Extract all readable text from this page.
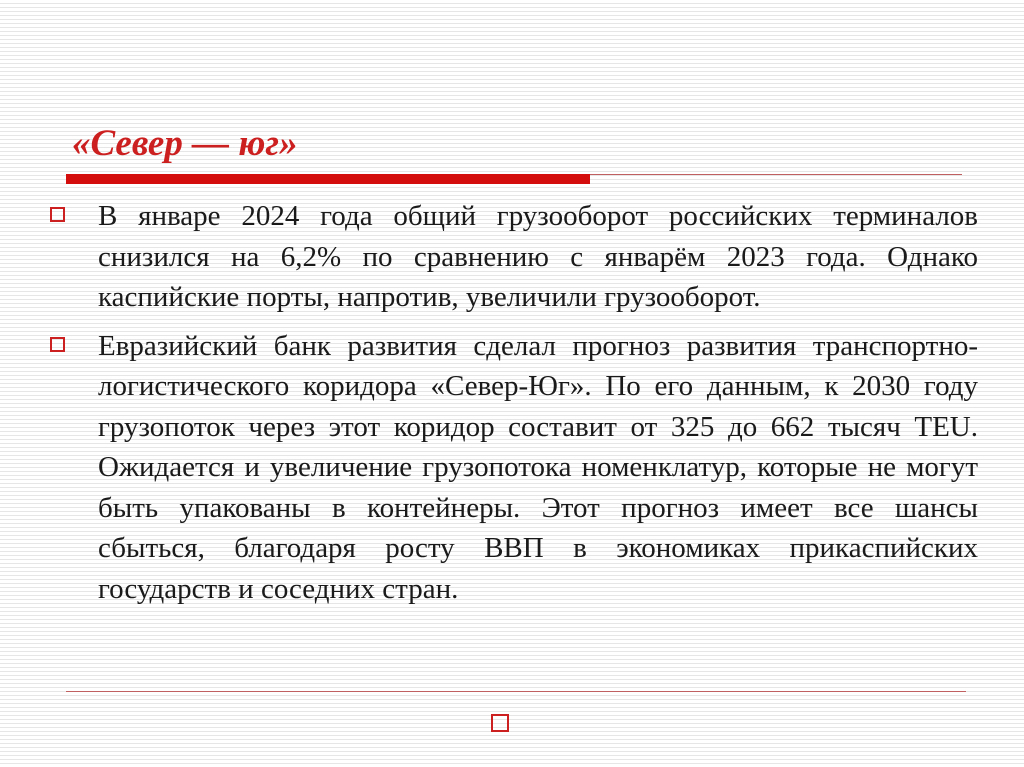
«Север — юг»
В январе 2024 года общий грузооборот российских терминалов снизился на 6,2% по сравнению с январём 2023 года. Однако каспийские порты, напротив, увеличили грузооборот.
Евразийский банк развития сделал прогноз развития транспортно-логистического коридора «Север-Юг». По его данным, к 2030 году грузопоток через этот коридор составит от 325 до 662 тысяч TEU. Ожидается и увеличение грузопотока номенклатур, которые не могут быть упакованы в контейнеры. Этот прогноз имеет все шансы сбыться, благодаря росту ВВП в экономиках прикаспийских государств и соседних стран.
